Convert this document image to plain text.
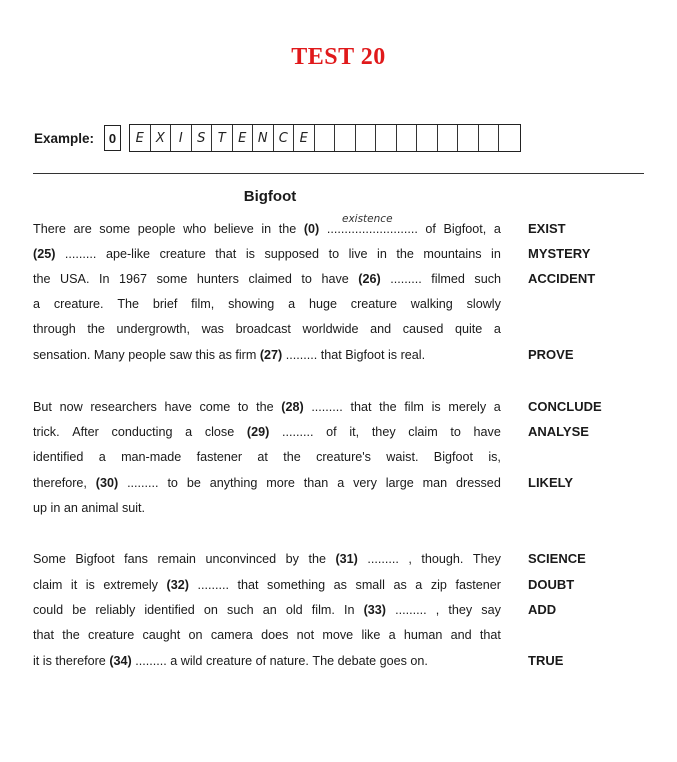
TEST 20
Example:	0	E X	I	S T E N C E
Bigfoot
existence
There are some people who believe in the (0) .......................... of Bigfoot, a
(25) ......... ape-like creature that is supposed to live in the mountains in
the USA. In 1967 some hunters claimed to have (26) ......... filmed such
a creature. The brief film, showing a huge creature walking slowly
through the undergrowth, was broadcast worldwide and caused quite a
sensation. Many people saw this as firm (27) ......... that Bigfoot is real.
But now researchers have come to the (28) ......... that the film is merely a
trick. After conducting a close (29) ......... of it, they claim to have
identified a man-made fastener at the creature's waist. Bigfoot is,
therefore, (30) ......... to be anything more than a very large man dressed
up in an animal suit.
Some Bigfoot fans remain unconvinced by the (31) ......... , though. They
claim it is extremely (32) ......... that something as small as a zip fastener
could be reliably identified on such an old film. In (33) ......... , they say
that the creature caught on camera does not move like a human and that
it is therefore (34) ......... a wild creature of nature. The debate goes on.
EXIST
MYSTERY
ACCIDENT
PROVE
CONCLUDE
ANALYSE
LIKELY
SCIENCE
DOUBT
ADD
TRUE
